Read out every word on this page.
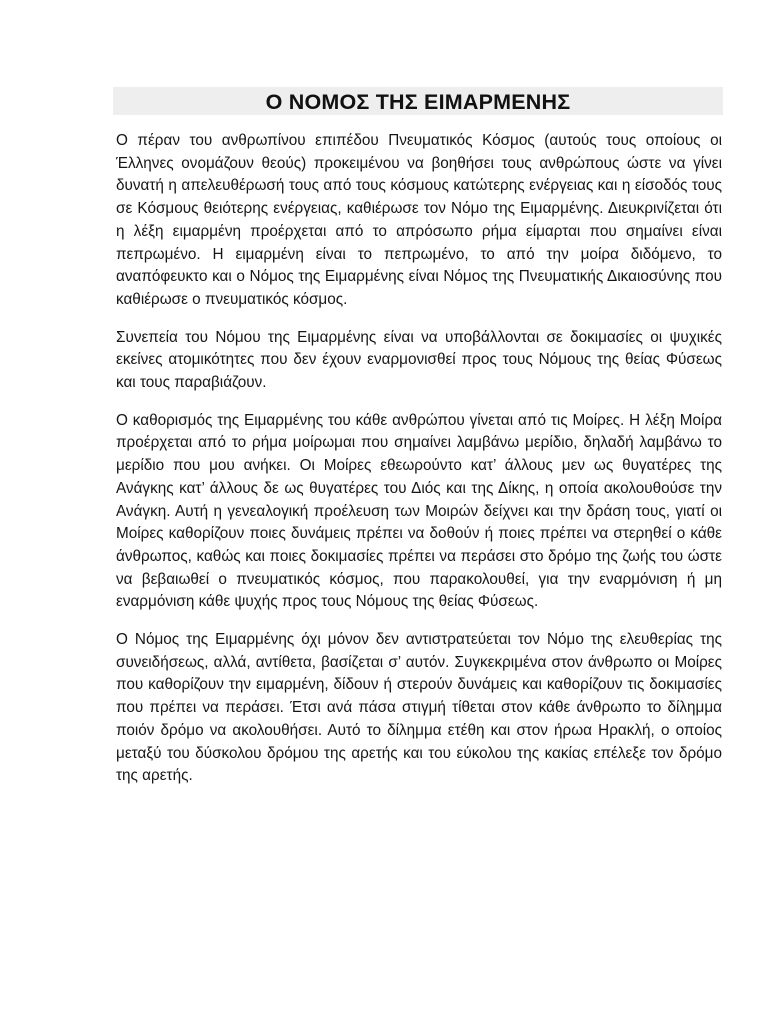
Ο ΝΟΜΟΣ ΤΗΣ ΕΙΜΑΡΜΕΝΗΣ

Ο πέραν του ανθρωπίνου επιπέδου Πνευματικός Κόσμος (αυτούς τους οποίους οι Έλληνες ονομάζουν θεούς) προκειμένου να βοηθήσει τους ανθρώπους ώστε να γίνει δυνατή η απελευθέρωσή τους από τους κόσμους κατώτερης ενέργειας και η είσοδός τους σε Κόσμους θειότερης ενέργειας, καθιέρωσε τον Νόμο της Ειμαρμένης. Διευκρινίζεται ότι η λέξη ειμαρμένη προέρχεται από το απρόσωπο ρήμα είμαρται που σημαίνει είναι πεπρωμένο. Η ειμαρμένη είναι το πεπρωμένο, το από την μοίρα διδόμενο, το αναπόφευκτο και ο Νόμος της Ειμαρμένης είναι Νόμος της Πνευματικής Δικαιοσύνης που καθιέρωσε ο πνευματικός κόσμος.

Συνεπεία του Νόμου της Ειμαρμένης είναι να υποβάλλονται σε δοκιμασίες οι ψυχικές εκείνες ατομικότητες που δεν έχουν εναρμονισθεί προς τους Νόμους της θείας Φύσεως και τους παραβιάζουν.

Ο καθορισμός της Ειμαρμένης του κάθε ανθρώπου γίνεται από τις Μοίρες. Η λέξη Μοίρα προέρχεται από το ρήμα μοίρωμαι που σημαίνει λαμβάνω μερίδιο, δηλαδή λαμβάνω το μερίδιο που μου ανήκει. Οι Μοίρες εθεωρούντο κατ’ άλλους μεν ως θυγατέρες της Ανάγκης κατ’ άλλους δε ως θυγατέρες του Διός και της Δίκης, η οποία ακολουθούσε την Ανάγκη. Αυτή η γενεαλογική προέλευση των Μοιρών δείχνει και την δράση τους, γιατί οι Μοίρες καθορίζουν ποιες δυνάμεις πρέπει να δοθούν ή ποιες πρέπει να στερηθεί ο κάθε άνθρωπος, καθώς και ποιες δοκιμασίες πρέπει να περάσει στο δρόμο της ζωής του ώστε να βεβαιωθεί ο πνευματικός κόσμος, που παρακολουθεί, για την εναρμόνιση ή μη εναρμόνιση κάθε ψυχής προς τους Νόμους της θείας Φύσεως.

Ο Νόμος της Ειμαρμένης όχι μόνον δεν αντιστρατεύεται τον Νόμο της ελευθερίας της συνειδήσεως, αλλά, αντίθετα, βασίζεται σ’ αυτόν. Συγκεκριμένα στον άνθρωπο οι Μοίρες που καθορίζουν την ειμαρμένη, δίδουν ή στερούν δυνάμεις και καθορίζουν τις δοκιμασίες που πρέπει να περάσει. Έτσι ανά πάσα στιγμή τίθεται στον κάθε άνθρωπο το δίλημμα ποιόν δρόμο να ακολουθήσει. Αυτό το δίλημμα ετέθη και στον ήρωα Ηρακλή, ο οποίος μεταξύ του δύσκολου δρόμου της αρετής και του εύκολου της κακίας επέλεξε τον δρόμο της αρετής.
